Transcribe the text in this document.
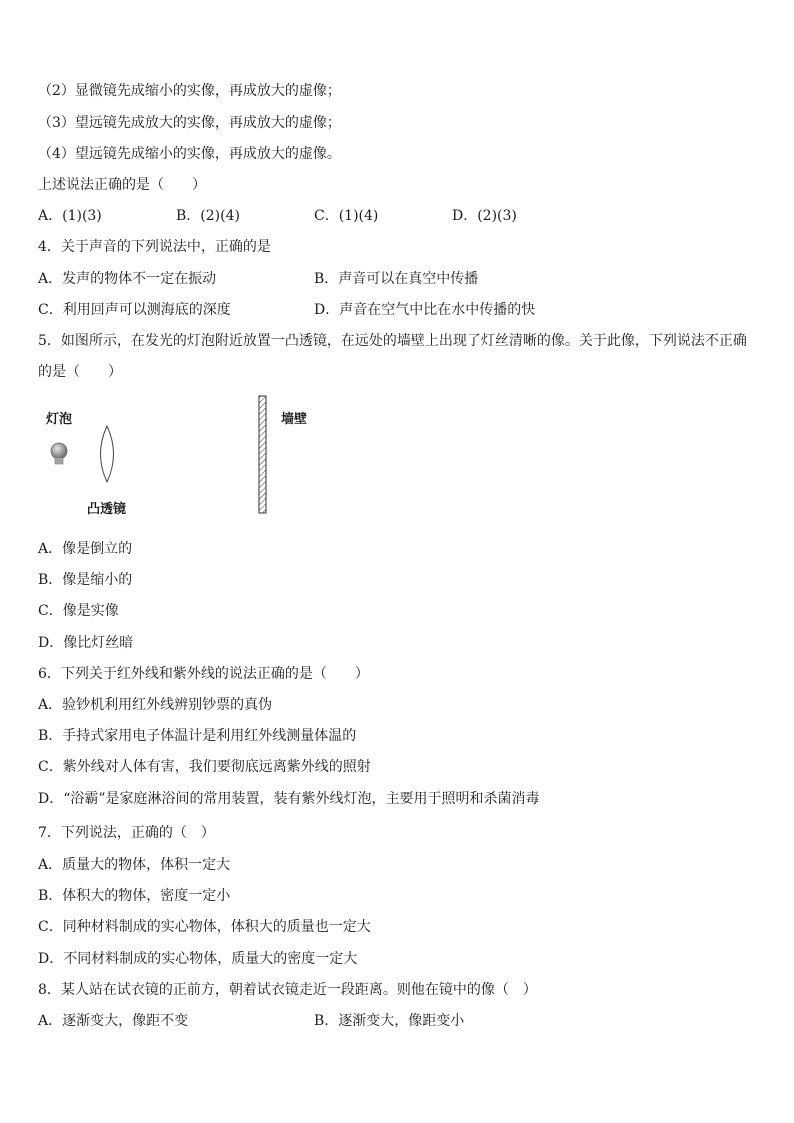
（2）显微镜先成缩小的实像，再成放大的虚像；
（3）望远镜先成放大的实像，再成放大的虚像；
（4）望远镜先成缩小的实像，再成放大的虚像。
上述说法正确的是（　　）
A．(1)(3)	B．(2)(4)	C．(1)(4)	D．(2)(3)
4．关于声音的下列说法中，正确的是
A．发声的物体不一定在振动	B．声音可以在真空中传播
C．利用回声可以测海底的深度	D．声音在空气中比在水中传播的快
5．如图所示，在发光的灯泡附近放置一凸透镜，在远处的墙壁上出现了灯丝清晰的像。关于此像，下列说法不正确
的是（　　）
灯泡
凸透镜
墙壁
A．像是倒立的
B．像是缩小的
C．像是实像
D．像比灯丝暗
6．下列关于红外线和紫外线的说法正确的是（　　）
A．验钞机利用红外线辨别钞票的真伪
B．手持式家用电子体温计是利用红外线测量体温的
C．紫外线对人体有害，我们要彻底远离紫外线的照射
D．“浴霸”是家庭淋浴间的常用装置，装有紫外线灯泡，主要用于照明和杀菌消毒
7．下列说法，正确的（　）
A．质量大的物体，体积一定大
B．体积大的物体，密度一定小
C．同种材料制成的实心物体，体积大的质量也一定大
D．不同材料制成的实心物体，质量大的密度一定大
8．某人站在试衣镜的正前方，朝着试衣镜走近一段距离。则他在镜中的像（　）
A．逐渐变大，像距不变	B．逐渐变大，像距变小
